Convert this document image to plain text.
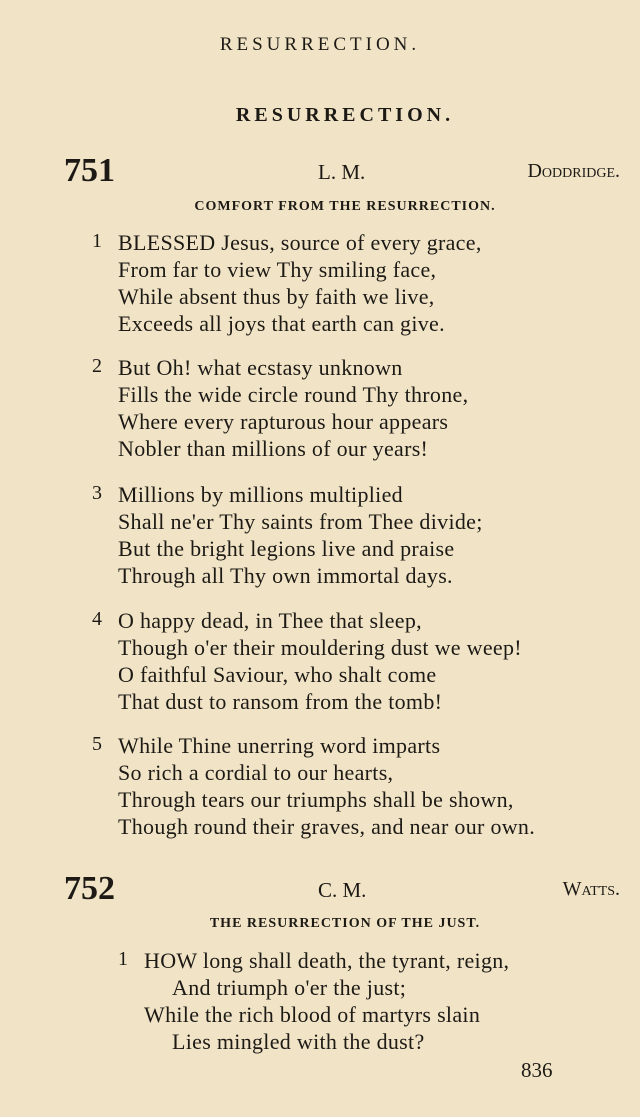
RESURRECTION.
RESURRECTION.
751	L. M.	Doddridge.
COMFORT FROM THE RESURRECTION.
1 BLESSED Jesus, source of every grace,
From far to view Thy smiling face,
While absent thus by faith we live,
Exceeds all joys that earth can give.
2 But Oh! what ecstasy unknown
Fills the wide circle round Thy throne,
Where every rapturous hour appears
Nobler than millions of our years!
3 Millions by millions multiplied
Shall ne'er Thy saints from Thee divide;
But the bright legions live and praise
Through all Thy own immortal days.
4 O happy dead, in Thee that sleep,
Though o'er their mouldering dust we weep!
O faithful Saviour, who shalt come
That dust to ransom from the tomb!
5 While Thine unerring word imparts
So rich a cordial to our hearts,
Through tears our triumphs shall be shown,
Though round their graves, and near our own.
752	C. M.	Watts.
THE RESURRECTION OF THE JUST.
1 HOW long shall death, the tyrant, reign,
And triumph o'er the just;
While the rich blood of martyrs slain
Lies mingled with the dust?
836
